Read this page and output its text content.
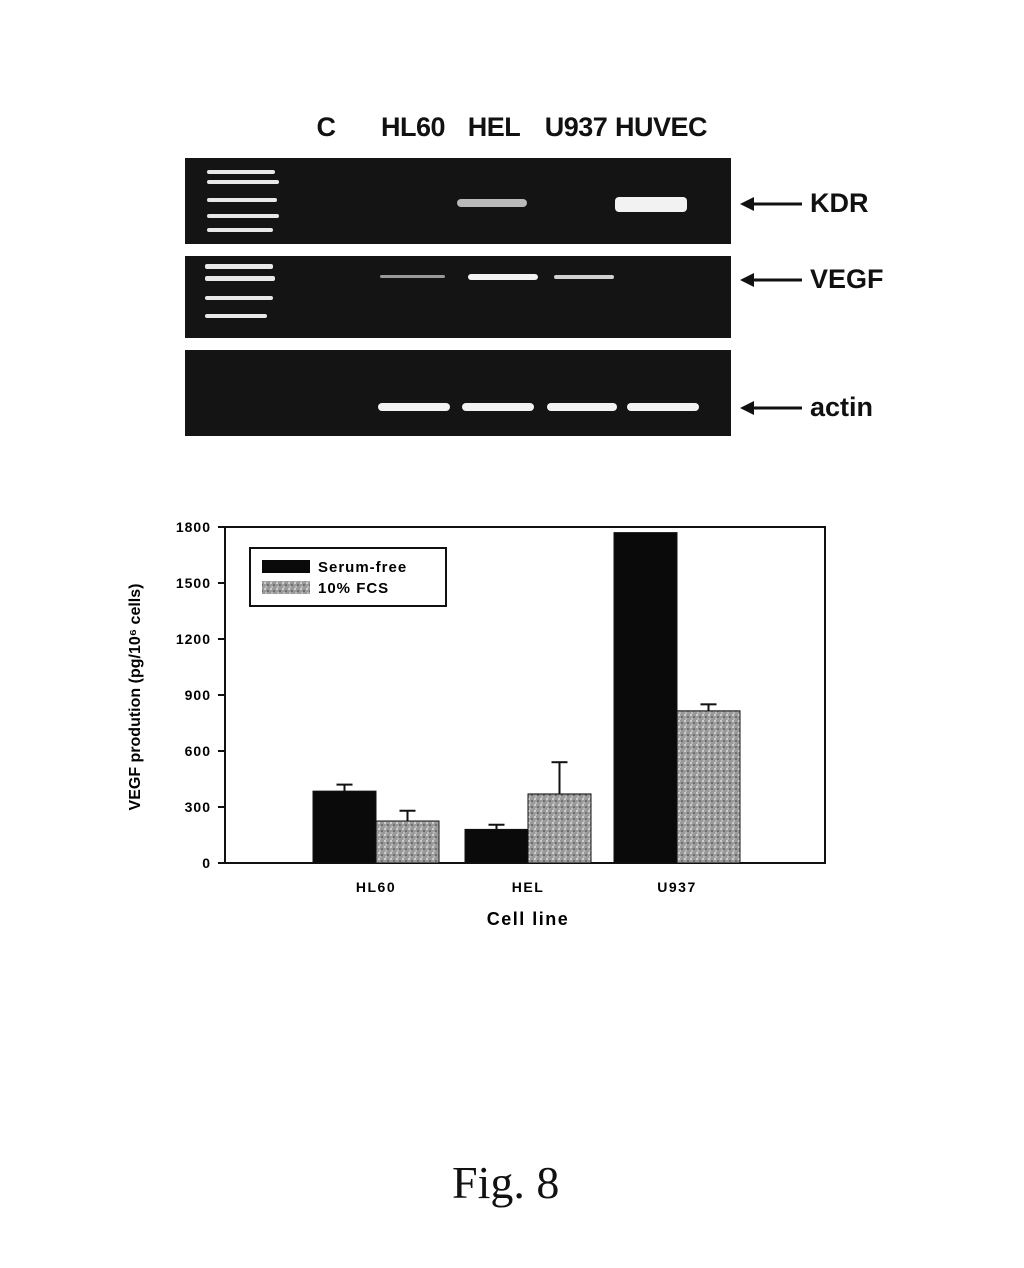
C HL60 HEL U937 HUVEC
KDR
VEGF
actin
0
300
600
900
1200
1500
1800
Serum-free
10% FCS
HL60	HEL	U937
Cell line
VEGF prodution (pg/10⁶ cells)
Fig. 8
